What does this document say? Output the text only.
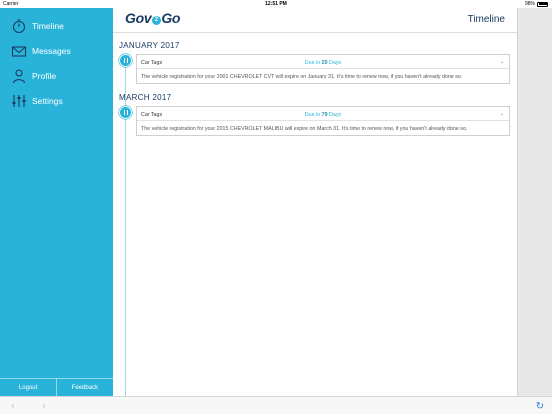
Carrier	12:51 PM	98%
Timeline
Messages
Profile
Settings
Logout	Feedback
Gov 2 Go	Timeline
JANUARY 2017
Car Tags	Due in 20 Days	⌄
The vehicle registration for your 2001 CHEVROLET CVT will expire on January 31. It's time to renew now, if you haven't already done so.
MARCH 2017
Car Tags	Due in 79 Days	⌄
The vehicle registration for your 2015 CHEVROLET MALIBU will expire on March 31. It's time to renew now, if you haven't already done so.
‹	›	↻
